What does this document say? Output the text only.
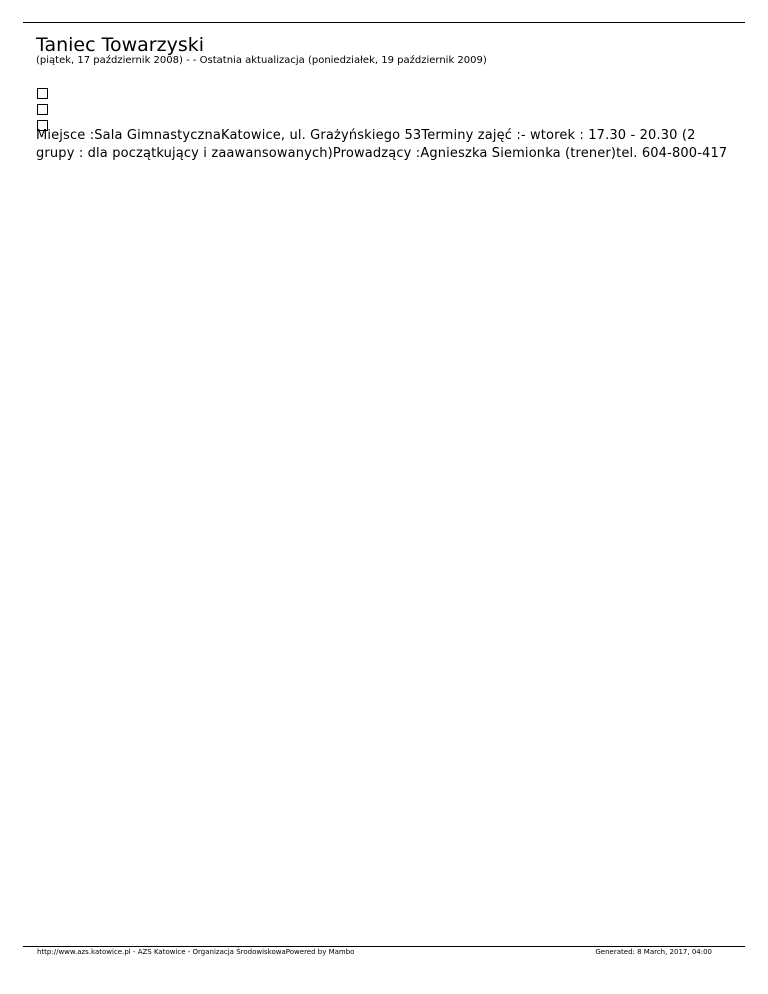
Taniec Towarzyski
(piątek, 17 październik 2008) - - Ostatnia aktualizacja (poniedziałek, 19 październik 2009)
Miejsce :Sala GimnastycznaKatowice, ul. Grażyńskiego 53Terminy zajęć :- wtorek : 17.30 - 20.30 (2 grupy : dla początkujący i zaawansowanych)Prowadzący :Agnieszka Siemionka (trener)tel. 604-800-417
http://www.azs.katowice.pl - AZS Katowice - Organizacja ŚrodowiskowaPowered by Mambo	Generated: 8 March, 2017, 04:00
